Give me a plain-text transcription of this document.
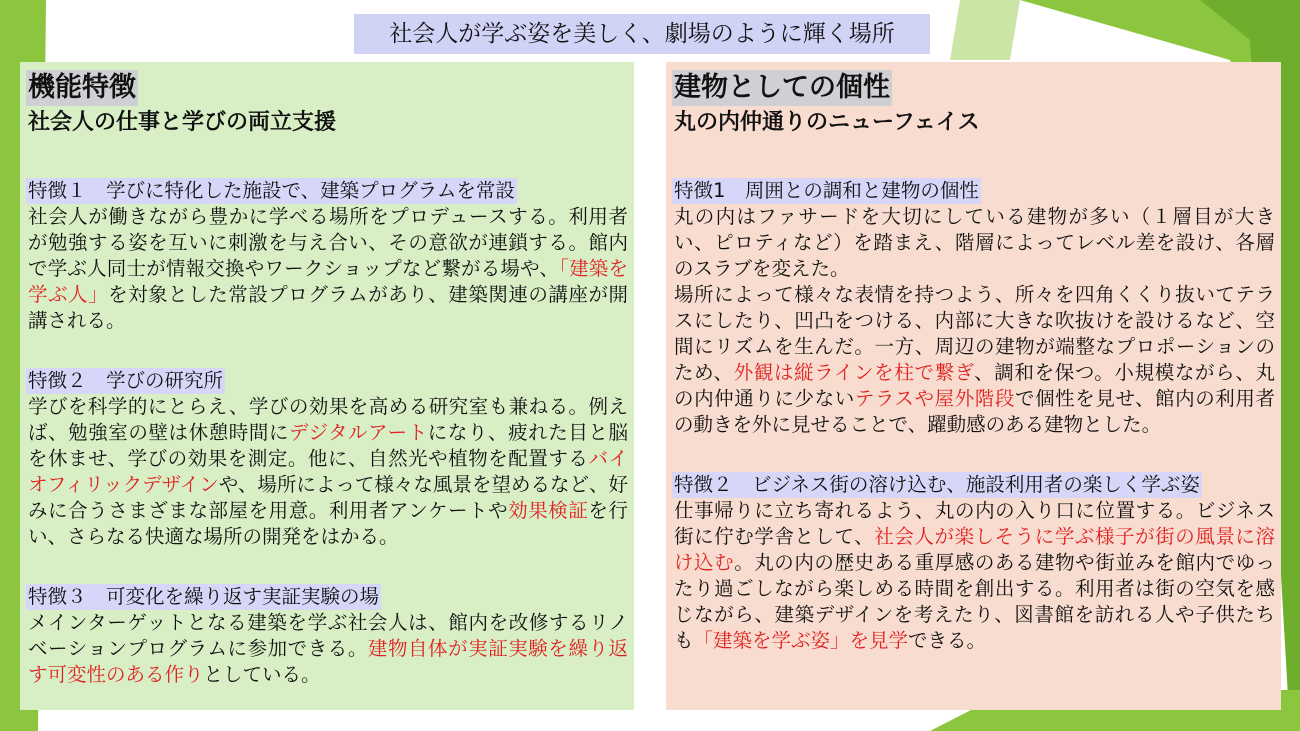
社会人が学ぶ姿を美しく、劇場のように輝く場所
機能特徴
社会人の仕事と学びの両立支援
特徴１　学びに特化した施設で、建築プログラムを常設
社会人が働きながら豊かに学べる場所をプロデュースする。利用者が勉強する姿を互いに刺激を与え合い、その意欲が連鎖する。館内で学ぶ人同士が情報交換やワークショップなど繋がる場や、「建築を学ぶ人」を対象とした常設プログラムがあり、建築関連の講座が開講される。
特徴２　学びの研究所
学びを科学的にとらえ、学びの効果を高める研究室も兼ねる。例えば、勉強室の壁は休憩時間にデジタルアートになり、疲れた目と脳を休ませ、学びの効果を測定。他に、自然光や植物を配置するバイオフィリックデザインや、場所によって様々な風景を望めるなど、好みに合うさまざまな部屋を用意。利用者アンケートや効果検証を行い、さらなる快適な場所の開発をはかる。
特徴３　可変化を繰り返す実証実験の場
メインターゲットとなる建築を学ぶ社会人は、館内を改修するリノベーションプログラムに参加できる。建物自体が実証実験を繰り返す可変性のある作りとしている。
建物としての個性
丸の内仲通りのニューフェイス
特徴1　周囲との調和と建物の個性
丸の内はファサードを大切にしている建物が多い（１層目が大きい、ピロティなど）を踏まえ、階層によってレベル差を設け、各層のスラブを変えた。
場所によって様々な表情を持つよう、所々を四角くくり抜いてテラスにしたり、凹凸をつける、内部に大きな吹抜けを設けるなど、空間にリズムを生んだ。一方、周辺の建物が端整なプロポーションのため、外観は縦ラインを柱で繋ぎ、調和を保つ。小規模ながら、丸の内仲通りに少ないテラスや屋外階段で個性を見せ、館内の利用者の動きを外に見せることで、躍動感のある建物とした。
特徴２　ビジネス街の溶け込む、施設利用者の楽しく学ぶ姿
仕事帰りに立ち寄れるよう、丸の内の入り口に位置する。ビジネス街に佇む学舎として、社会人が楽しそうに学ぶ様子が街の風景に溶け込む。丸の内の歴史ある重厚感のある建物や街並みを館内でゆったり過ごしながら楽しめる時間を創出する。利用者は街の空気を感じながら、建築デザインを考えたり、図書館を訪れる人や子供たちも「建築を学ぶ姿」を見学できる。
